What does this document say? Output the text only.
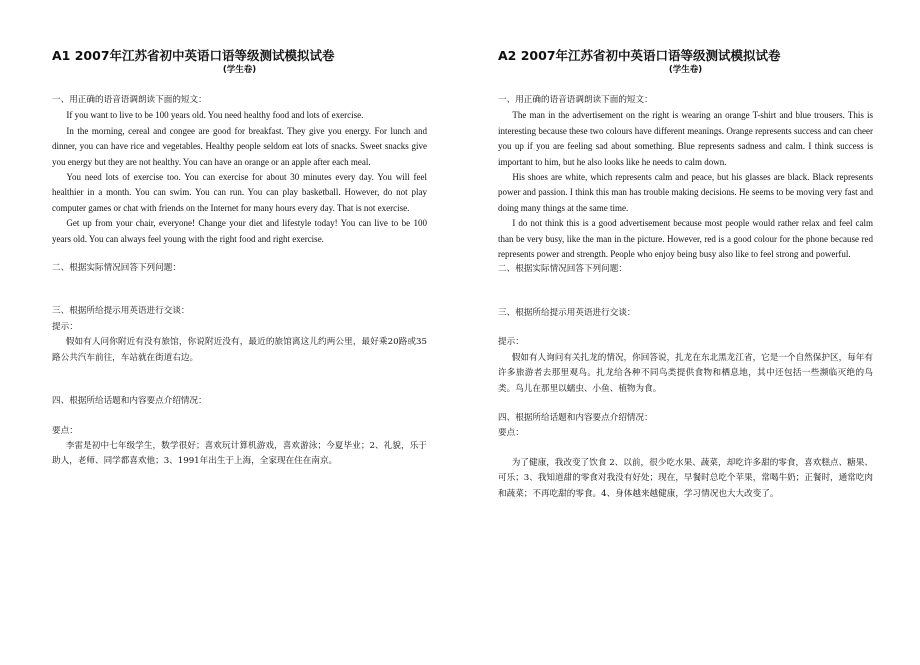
A1 2007年江苏省初中英语口语等级测试模拟试卷

(学生卷)

一、用正确的语音语调朗读下面的短文：

If you want to live to be 100 years old. You need healthy food and lots of exercise.

In the morning, cereal and congee are good for breakfast. They give you energy. For lunch and dinner, you can have rice and vegetables. Healthy people seldom eat lots of snacks. Sweet snacks give you energy but they are not healthy. You can have an orange or an apple after each meal.

You need lots of exercise too. You can exercise for about 30 minutes every day. You will feel healthier in a month. You can swim. You can run. You can play basketball. However, do not play computer games or chat with friends on the Internet for many hours every day. That is not exercise.

Get up from your chair, everyone! Change your diet and lifestyle today! You can live to be 100 years old. You can always feel young with the right food and right exercise.

二、根据实际情况回答下列问题：

三、根据所给提示用英语进行交谈：

提示：

假如有人问你附近有没有旅馆，你说附近没有，最近的旅馆离这儿约两公里，最好乘20路或35路公共汽车前往，车站就在街道右边。

四、根据所给话题和内容要点介绍情况：

要点：

李雷是初中七年级学生，数学很好；喜欢玩计算机游戏，喜欢游泳；今夏毕业；2、礼貌，乐于助人，老师、同学都喜欢他；3、1991年出生于上海，全家现在住在南京。

A2 2007年江苏省初中英语口语等级测试模拟试卷

(学生卷)

一、用正确的语音语调朗读下面的短文：

The man in the advertisement on the right is wearing an orange T-shirt and blue trousers. This is interesting because these two colours have different meanings. Orange represents success and can cheer you up if you are feeling sad about something. Blue represents sadness and calm. I think success is important to him, but he also looks like he needs to calm down.

His shoes are white, which represents calm and peace, but his glasses are black. Black represents power and passion. I think this man has trouble making decisions. He seems to be moving very fast and doing many things at the same time.

I do not think this is a good advertisement because most people would rather relax and feel calm than be very busy, like the man in the picture. However, red is a good colour for the phone because red represents power and strength. People who enjoy being busy also like to feel strong and powerful.

二、根据实际情况回答下列问题：

三、根据所给提示用英语进行交谈：

提示：

假如有人询问有关扎龙的情况，你回答说，扎龙在东北黑龙江省，它是一个自然保护区，每年有许多旅游者去那里观鸟。扎龙给各种不同鸟类提供食物和栖息地，其中还包括一些濒临灭绝的鸟类。鸟儿在那里以蠕虫、小鱼、植物为食。

四、根据所给话题和内容要点介绍情况：

要点：

为了健康，我改变了饮食 2、以前，很少吃水果、蔬菜，却吃许多甜的零食，喜欢糕点、糖果、可乐；3、我知道甜的零食对我没有好处；现在，早餐时总吃个苹果，常喝牛奶；正餐时，通常吃肉和蔬菜；不再吃甜的零食。4、身体越来越健康，学习情况也大大改变了。
